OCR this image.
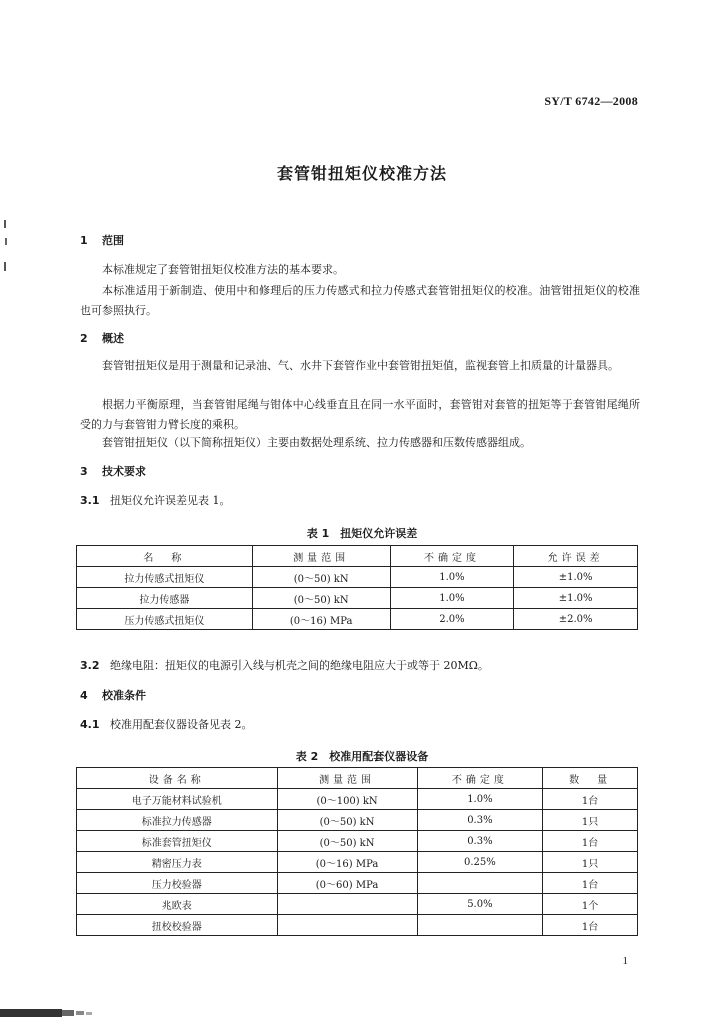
SY/T 6742—2008
套管钳扭矩仪校准方法
1 范围
本标准规定了套管钳扭矩仪校准方法的基本要求。
本标准适用于新制造、使用中和修理后的压力传感式和拉力传感式套管钳扭矩仪的校准。油管钳扭矩仪的校准也可参照执行。
2 概述
套管钳扭矩仪是用于测量和记录油、气、水井下套管作业中套管钳扭矩值，监视套管上扣质量的计量器具。
根据力平衡原理，当套管钳尾绳与钳体中心线垂直且在同一水平面时，套管钳对套管的扭矩等于套管钳尾绳所受的力与套管钳力臂长度的乘积。
套管钳扭矩仪（以下简称扭矩仪）主要由数据处理系统、拉力传感器和压数传感器组成。
3 技术要求
3.1 扭矩仪允许误差见表 1。
表 1　扭矩仪允许误差
名　称	测量范围	不确定度	允许误差
拉力传感式扭矩仪	(0～50) kN	1.0%	±1.0%
拉力传感器	(0～50) kN	1.0%	±1.0%
压力传感式扭矩仪	(0～16) MPa	2.0%	±2.0%
3.2 绝缘电阻：扭矩仪的电源引入线与机壳之间的绝缘电阻应大于或等于 20MΩ。
4 校准条件
4.1 校准用配套仪器设备见表 2。
表 2　校准用配套仪器设备
设备名称	测量范围	不确定度	数　量
电子万能材料试验机	(0～100) kN	1.0%	1台
标准拉力传感器	(0～50) kN	0.3%	1只
标准套管扭矩仪	(0～50) kN	0.3%	1台
精密压力表	(0～16) MPa	0.25%	1只
压力校验器	(0～60) MPa		1台
兆欧表		5.0%	1个
扭校校验器			1台
1
